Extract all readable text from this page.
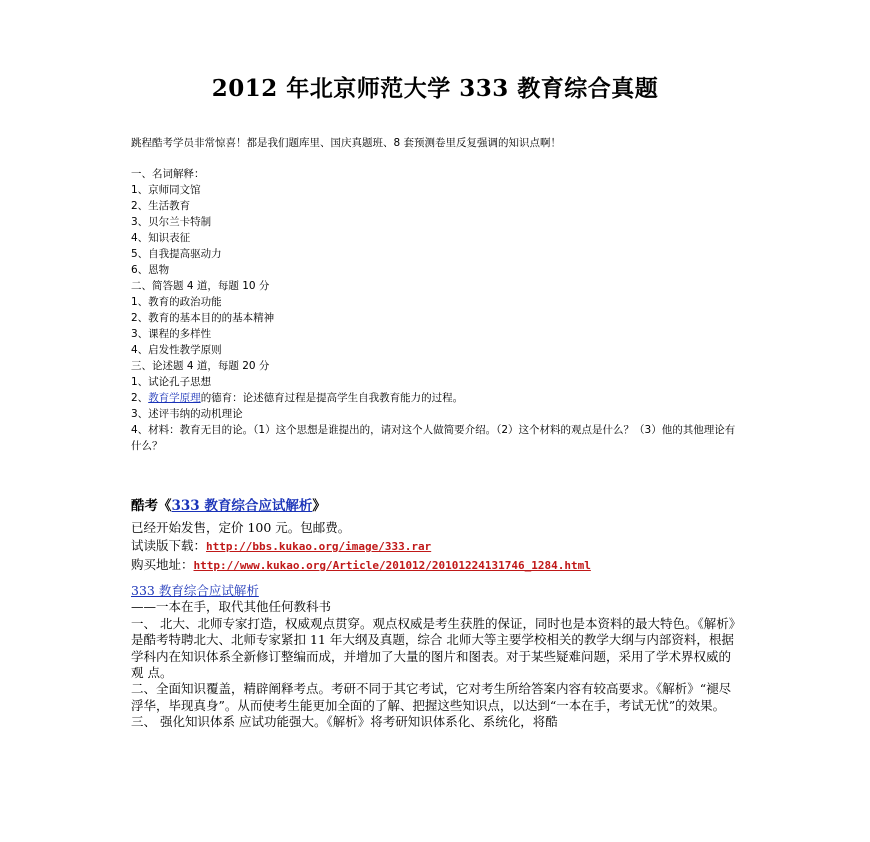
2012 年北京师范大学 333 教育综合真题
跳程酷考学员非常惊喜！都是我们题库里、国庆真题班、8 套预测卷里反复强调的知识点啊！
一、名词解释：
1、京师同文馆
2、生活教育
3、贝尔兰卡特制
4、知识表征
5、自我提高驱动力
6、恩物
二、简答题 4 道，每题 10 分
1、教育的政治功能
2、教育的基本目的的基本精神
3、课程的多样性
4、启发性教学原则
三、论述题 4 道，每题 20 分
1、试论孔子思想
2、教育学原理的德育：论述德育过程是提高学生自我教育能力的过程。
3、述评韦纳的动机理论
4、材料：教育无目的论。（1）这个思想是谁提出的，请对这个人做简要介绍。（2）这个材料的观点是什么？（3）他的其他理论有什么？
酷考《333 教育综合应试解析》
已经开始发售，定价 100 元。包邮费。
试读版下载：http://bbs.kukao.org/image/333.rar
购买地址：http://www.kukao.org/Article/201012/20101224131746_1284.html
333 教育综合应试解析
——一本在手，取代其他任何教科书
一、 北大、北师专家打造，权威观点贯穿。观点权威是考生获胜的保证，同时也是本资料的最大特色。《解析》是酷考特聘北大、北师专家紧扣 11 年大纲及真题，综合 北师大等主要学校相关的教学大纲与内部资料，根据学科内在知识体系全新修订整编而成，并增加了大量的图片和图表。对于某些疑难问题，采用了学术界权威的观 点。
二、全面知识覆盖，精辟阐释考点。考研不同于其它考试，它对考生所给答案内容有较高要求。《解析》“褪尽浮华，毕现真身”。从而使考生能更加全面的了解、把握这些知识点，以达到“一本在手，考试无忧”的效果。
三、 强化知识体系 应试功能强大。《解析》将考研知识体系化、系统化，将酷
